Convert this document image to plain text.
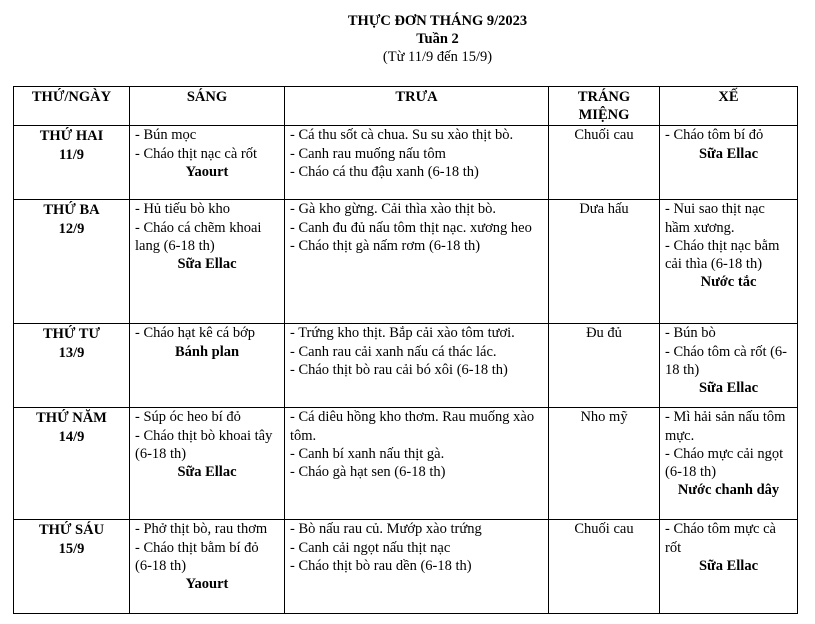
THỰC ĐƠN THÁNG 9/2023
Tuần 2
(Từ 11/9 đến 15/9)
THỨ/NGÀY	SÁNG	TRƯA	TRÁNG MIỆNG	XẾ

THỨ HAI
11/9	- Bún mọc
- Cháo thịt nạc cà rốt
Yaourt	- Cá thu sốt cà chua. Su su xào thịt bò.
- Canh rau muống nấu tôm
- Cháo cá thu đậu xanh (6-18 th)	Chuối cau	- Cháo tôm bí đỏ
Sữa Ellac

THỨ BA
12/9	- Hủ tiếu bò kho
- Cháo cá chẽm khoai lang (6-18 th)
Sữa Ellac	- Gà kho gừng. Cải thìa xào thịt bò.
- Canh đu đủ nấu tôm thịt nạc. xương heo
- Cháo thịt gà nấm rơm (6-18 th)	Dưa hấu	- Nui sao thịt nạc hầm xương.
- Cháo thịt nạc bằm cải thìa (6-18 th)
Nước tắc

THỨ TƯ
13/9	- Cháo hạt kê cá bớp
Bánh plan	- Trứng kho thịt. Bắp cải xào tôm tươi.
- Canh rau cải xanh nấu cá thác lác.
- Cháo thịt bò rau cải bó xôi (6-18 th)	Đu đủ	- Bún bò
- Cháo tôm cà rốt (6-18 th)
Sữa Ellac

THỨ NĂM
14/9	- Súp óc heo bí đỏ
- Cháo thịt bò khoai tây (6-18 th)
Sữa Ellac	- Cá diêu hồng kho thơm. Rau muống xào tôm.
- Canh bí xanh nấu thịt gà.
- Cháo gà hạt sen (6-18 th)	Nho mỹ	- Mì hải sản nấu tôm mực.
- Cháo mực cải ngọt (6-18 th)
Nước chanh dây

THỨ SÁU
15/9	- Phở thịt bò, rau thơm
- Cháo thịt bằm bí đỏ (6-18 th)
Yaourt	- Bò nấu rau củ. Mướp xào trứng
- Canh cải ngọt nấu thịt nạc
- Cháo thịt bò rau dền (6-18 th)	Chuối cau	- Cháo tôm mực cà rốt
Sữa Ellac
